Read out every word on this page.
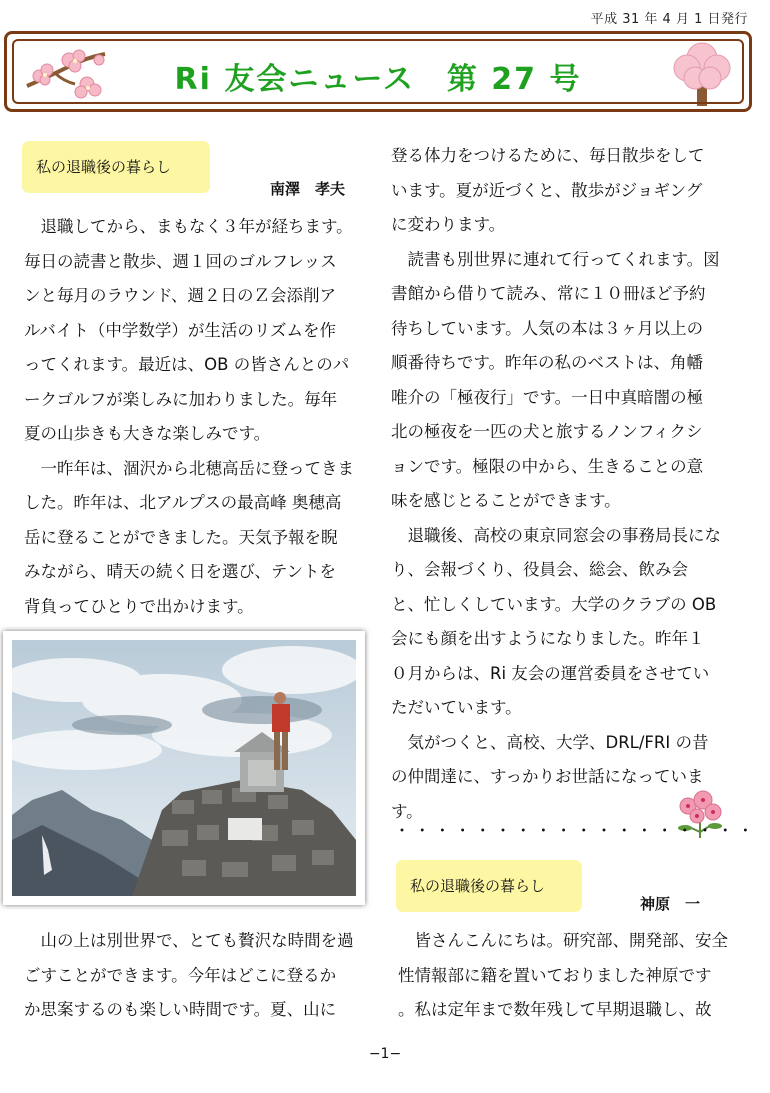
平成 31 年 4 月 1 日発行
Ri 友会ニュース　第 27 号
私の退職後の暮らし
南澤　孝夫

　退職してから、まもなく３年が経ちます。

毎日の読書と散歩、週１回のゴルフレッス

ンと毎月のラウンド、週２日のＺ会添削ア

ルバイト（中学数学）が生活のリズムを作

ってくれます。最近は、OB の皆さんとのパ

ークゴルフが楽しみに加わりました。毎年

夏の山歩きも大きな楽しみです。

　一昨年は、涸沢から北穂高岳に登ってきま

した。昨年は、北アルプスの最高峰 奥穂高

岳に登ることができました。天気予報を睨

みながら、晴天の続く日を選び、テントを

背負ってひとりで出かけます。

　山の上は別世界で、とても贅沢な時間を過

ごすことができます。今年はどこに登るか

か思案するのも楽しい時間です。夏、山に

登る体力をつけるために、毎日散歩をして

います。夏が近づくと、散歩がジョギング

に変わります。

　読書も別世界に連れて行ってくれます。図

書館から借りて読み、常に１０冊ほど予約

待ちしています。人気の本は３ヶ月以上の

順番待ちです。昨年の私のベストは、角幡

唯介の「極夜行」です。一日中真暗闇の極

北の極夜を一匹の犬と旅するノンフィクシ

ョンです。極限の中から、生きることの意

味を感じとることができます。

　退職後、高校の東京同窓会の事務局長にな

り、会報づくり、役員会、総会、飲み会

と、忙しくしています。大学のクラブの OB

会にも顔を出すようになりました。昨年１

０月からは、Ri 友会の運営委員をさせてい

ただいています。

　気がつくと、高校、大学、DRL/FRI の昔

の仲間達に、すっかりお世話になっていま

す。

・・・・・・・・・・・・・・・・・・
私の退職後の暮らし
神原　一

　皆さんこんにちは。研究部、開発部、安全

性情報部に籍を置いておりました神原です

。私は定年まで数年残して早期退職し、故

−1−
